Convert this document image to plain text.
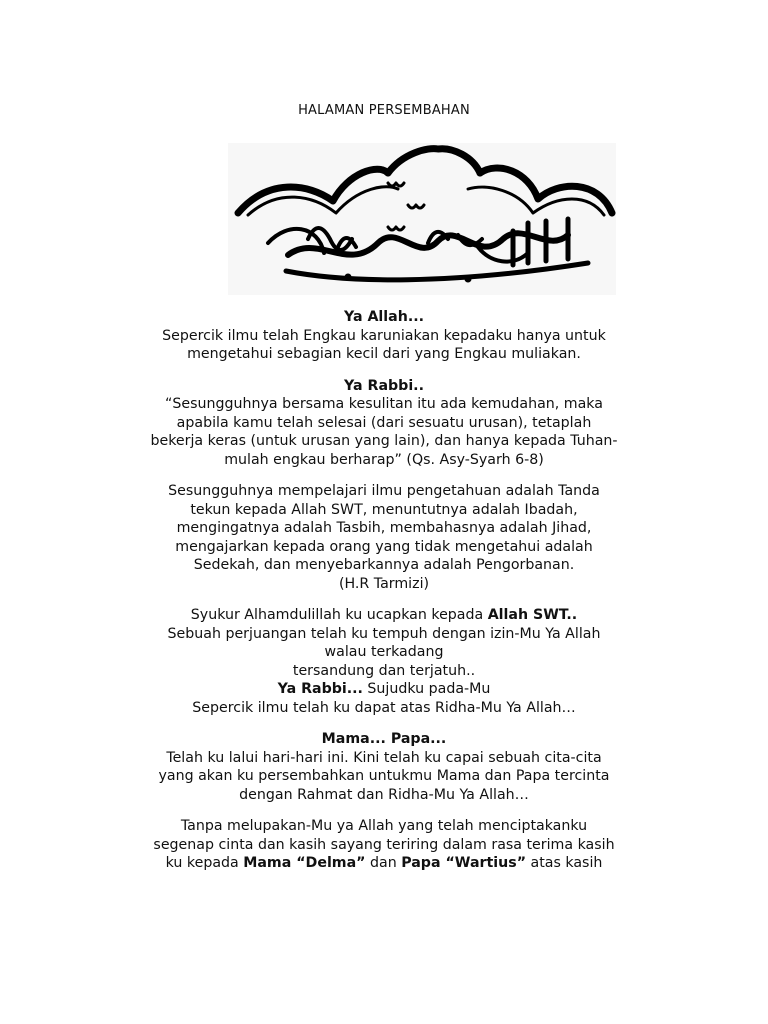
HALAMAN PERSEMBAHAN

Ya Allah...
Sepercik ilmu telah Engkau karuniakan kepadaku hanya untuk
mengetahui sebagian kecil dari yang Engkau muliakan.

Ya Rabbi..
“Sesungguhnya bersama kesulitan itu ada kemudahan, maka
apabila kamu telah selesai (dari sesuatu urusan), tetaplah
bekerja keras (untuk urusan yang lain), dan hanya kepada Tuhan-
mulah engkau berharap” (Qs. Asy-Syarh 6-8)

Sesungguhnya mempelajari ilmu pengetahuan adalah Tanda
tekun kepada Allah SWT, menuntutnya adalah Ibadah,
mengingatnya adalah Tasbih, membahasnya adalah Jihad,
mengajarkan kepada orang yang tidak mengetahui adalah
Sedekah, dan menyebarkannya adalah Pengorbanan.
(H.R Tarmizi)

Syukur Alhamdulillah ku ucapkan kepada Allah SWT..
Sebuah perjuangan telah ku tempuh dengan izin-Mu Ya Allah
walau terkadang
tersandung dan terjatuh..
Ya Rabbi... Sujudku pada-Mu
Sepercik ilmu telah ku dapat atas Ridha-Mu Ya Allah…

Mama... Papa...
Telah ku lalui hari-hari ini. Kini telah ku capai sebuah cita-cita
yang akan ku persembahkan untukmu Mama dan Papa tercinta
dengan Rahmat dan Ridha-Mu Ya Allah…

Tanpa melupakan-Mu ya Allah yang telah menciptakanku
segenap cinta dan kasih sayang teriring dalam rasa terima kasih
ku kepada Mama “Delma” dan Papa “Wartius” atas kasih
